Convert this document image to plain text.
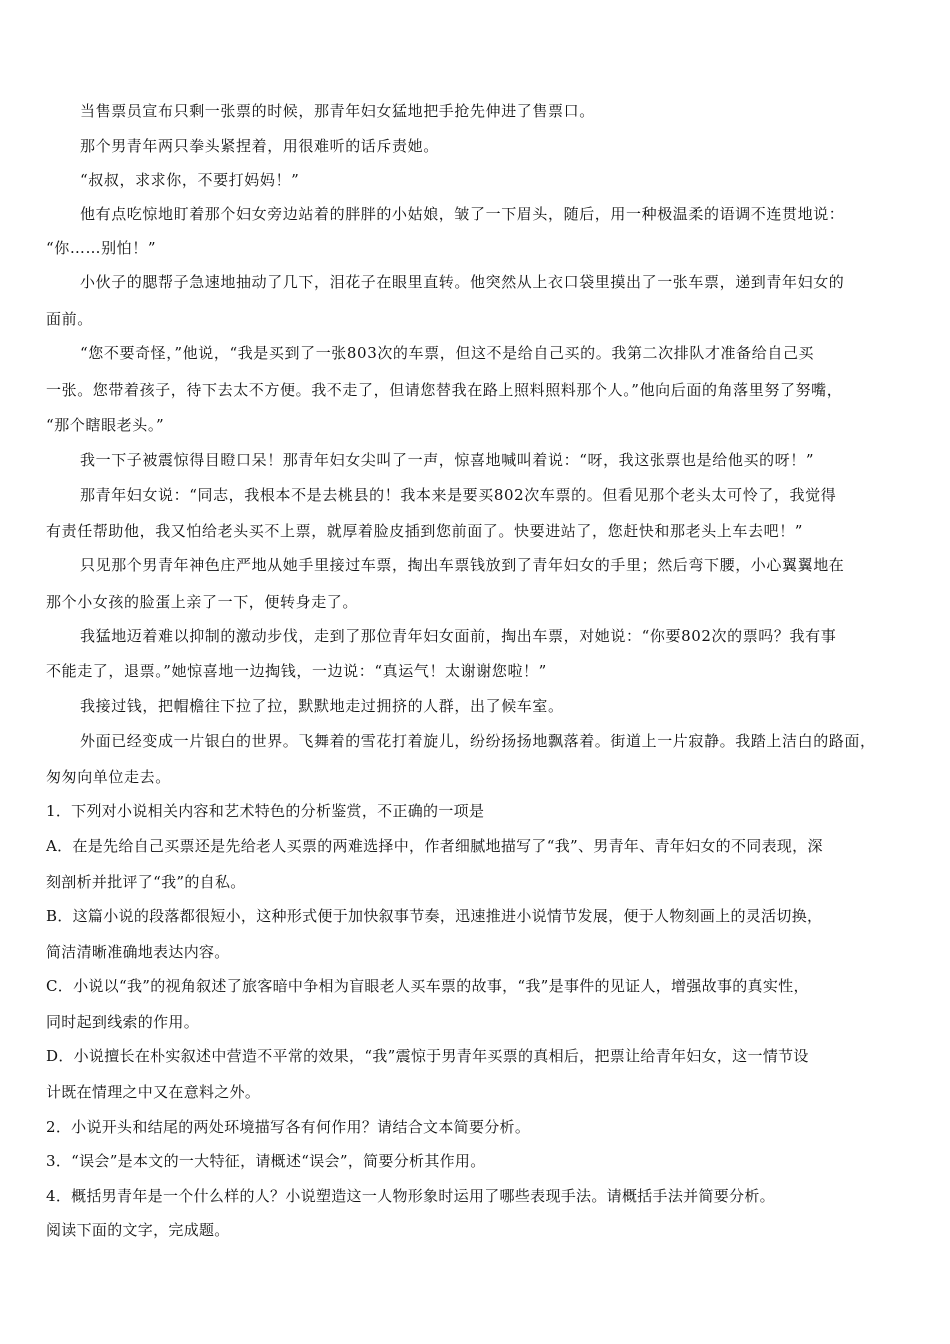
当售票员宣布只剩一张票的时候，那青年妇女猛地把手抢先伸进了售票口。
那个男青年两只拳头紧捏着，用很难听的话斥责她。
“叔叔，求求你，不要打妈妈！”
他有点吃惊地盯着那个妇女旁边站着的胖胖的小姑娘，皱了一下眉头，随后，用一种极温柔的语调不连贯地说：
“你……别怕！”
小伙子的腮帮子急速地抽动了几下，泪花子在眼里直转。他突然从上衣口袋里摸出了一张车票，递到青年妇女的
面前。
“您不要奇怪，”他说，“我是买到了一张803次的车票，但这不是给自己买的。我第二次排队才准备给自己买
一张。您带着孩子，待下去太不方便。我不走了，但请您替我在路上照料照料那个人。”他向后面的角落里努了努嘴，
“那个瞎眼老头。”
我一下子被震惊得目瞪口呆！那青年妇女尖叫了一声，惊喜地喊叫着说：“呀，我这张票也是给他买的呀！”
那青年妇女说：“同志，我根本不是去桃县的！我本来是要买802次车票的。但看见那个老头太可怜了，我觉得
有责任帮助他，我又怕给老头买不上票，就厚着脸皮插到您前面了。快要进站了，您赶快和那老头上车去吧！”
只见那个男青年神色庄严地从她手里接过车票，掏出车票钱放到了青年妇女的手里；然后弯下腰，小心翼翼地在
那个小女孩的脸蛋上亲了一下，便转身走了。
我猛地迈着难以抑制的激动步伐，走到了那位青年妇女面前，掏出车票，对她说：“你要802次的票吗？我有事
不能走了，退票。”她惊喜地一边掏钱，一边说：“真运气！太谢谢您啦！”
我接过钱，把帽檐往下拉了拉，默默地走过拥挤的人群，出了候车室。
外面已经变成一片银白的世界。飞舞着的雪花打着旋儿，纷纷扬扬地飘落着。街道上一片寂静。我踏上洁白的路面，
匆匆向单位走去。
1．下列对小说相关内容和艺术特色的分析鉴赏，不正确的一项是
A．在是先给自己买票还是先给老人买票的两难选择中，作者细腻地描写了“我”、男青年、青年妇女的不同表现，深
刻剖析并批评了“我”的自私。
B．这篇小说的段落都很短小，这种形式便于加快叙事节奏，迅速推进小说情节发展，便于人物刻画上的灵活切换，
简洁清晰准确地表达内容。
C．小说以“我”的视角叙述了旅客暗中争相为盲眼老人买车票的故事，“我”是事件的见证人，增强故事的真实性，
同时起到线索的作用。
D．小说擅长在朴实叙述中营造不平常的效果，“我”震惊于男青年买票的真相后，把票让给青年妇女，这一情节设
计既在情理之中又在意料之外。
2．小说开头和结尾的两处环境描写各有何作用？请结合文本简要分析。
3．“误会”是本文的一大特征，请概述“误会”，简要分析其作用。
4．概括男青年是一个什么样的人？小说塑造这一人物形象时运用了哪些表现手法。请概括手法并简要分析。
阅读下面的文字，完成题。
